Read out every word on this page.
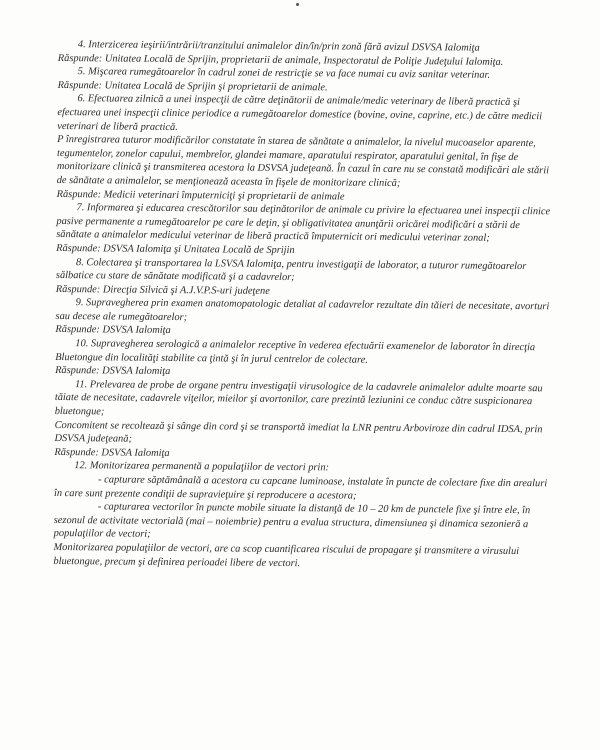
4. Interzicerea ieşirii/intrării/tranzitului animalelor din/în/prin zonă fără avizul DSVSA Ialomiţa

Răspunde: Unitatea Locală de Sprijin, proprietarii de animale, Inspectoratul de Poliţie Judeţului Ialomiţa.

5. Mişcarea rumegătoarelor în cadrul zonei de restricţie se va face numai cu aviz sanitar veterinar.

Răspunde: Unitatea Locală de Sprijin şi proprietarii de animale.

6. Efectuarea zilnică a unei inspecţii de către deţinătorii de animale/medic veterinary de liberă practică şi efectuarea unei inspecţii clinice periodice a rumegătoarelor domestice (bovine, ovine, caprine, etc.) de către medicii veterinari de liberă practică.

P înregistrarea tuturor modificărilor constatate în starea de sănătate a animalelor, la nivelul mucoaselor aparente, tegumentelor, zonelor capului, membrelor, glandei mamare, aparatului respirator, aparatului genital, în fişe de monitorizare clinică şi transmiterea acestora la DSVSA judeţeană. În cazul în care nu se constată modificări ale stării de sănătate a animalelor, se menţionează aceasta în fişele de monitorizare clinică;

Răspunde: Medicii veterinari împuterniciţi şi proprietarii de animale

7. Informarea şi educarea crescătorilor sau deţinătorilor de animale cu privire la efectuarea unei inspecţii clinice pasive permanente a rumegătoarelor pe care le deţin, şi obligativitatea anunţării oricărei modificări a stării de sănătate a animalelor medicului veterinar de liberă practică împuternicit ori medicului veterinar zonal;

Răspunde: DSVSA Ialomiţa şi Unitatea Locală de Sprijin

8. Colectarea şi transportarea la LSVSA Ialomiţa, pentru investigaţii de laborator, a tuturor rumegătoarelor sălbatice cu stare de sănătate modificată şi a cadavrelor;

Răspunde: Direcţia Silvică şi A.J.V.P.S-uri judeţene

9. Supravegherea prin examen anatomopatologic detaliat al cadavrelor rezultate din tăieri de necesitate, avorturi sau decese ale rumegătoarelor;

Răspunde: DSVSA Ialomiţa

10. Supravegherea serologică a animalelor receptive în vederea efectuării examenelor de laborator în direcţia Bluetongue din localităţi stabilite ca ţintă şi în jurul centrelor de colectare.

Răspunde: DSVSA Ialomiţa

11. Prelevarea de probe de organe pentru investigaţii virusologice de la cadavrele animalelor adulte moarte sau tăiate de necesitate, cadavrele viţeilor, mieilor şi avortonilor, care prezintă leziunini ce conduc către suspicionarea bluetongue;

Concomitent se recoltează şi sânge din cord şi se transportă imediat la LNR pentru Arboviroze din cadrul IDSA, prin DSVSA judeţeană;

Răspunde: DSVSA Ialomiţa

12. Monitorizarea permanentă a populaţiilor de vectori prin:

- capturare săptămânală a acestora cu capcane luminoase, instalate în puncte de colectare fixe din arealuri în care sunt prezente condiţii de supravieţuire şi reproducere a acestora;

- capturarea vectorilor în puncte mobile situate la distanţă de 10 – 20 km de punctele fixe şi între ele, în sezonul de activitate vectorială (mai – noiembrie) pentru a evalua structura, dimensiunea şi dinamica sezonieră a populaţiilor de vectori;

Monitorizarea populaţiilor de vectori, are ca scop cuantificarea riscului de propagare şi transmitere a virusului bluetongue, precum şi definirea perioadei libere de vectori.
